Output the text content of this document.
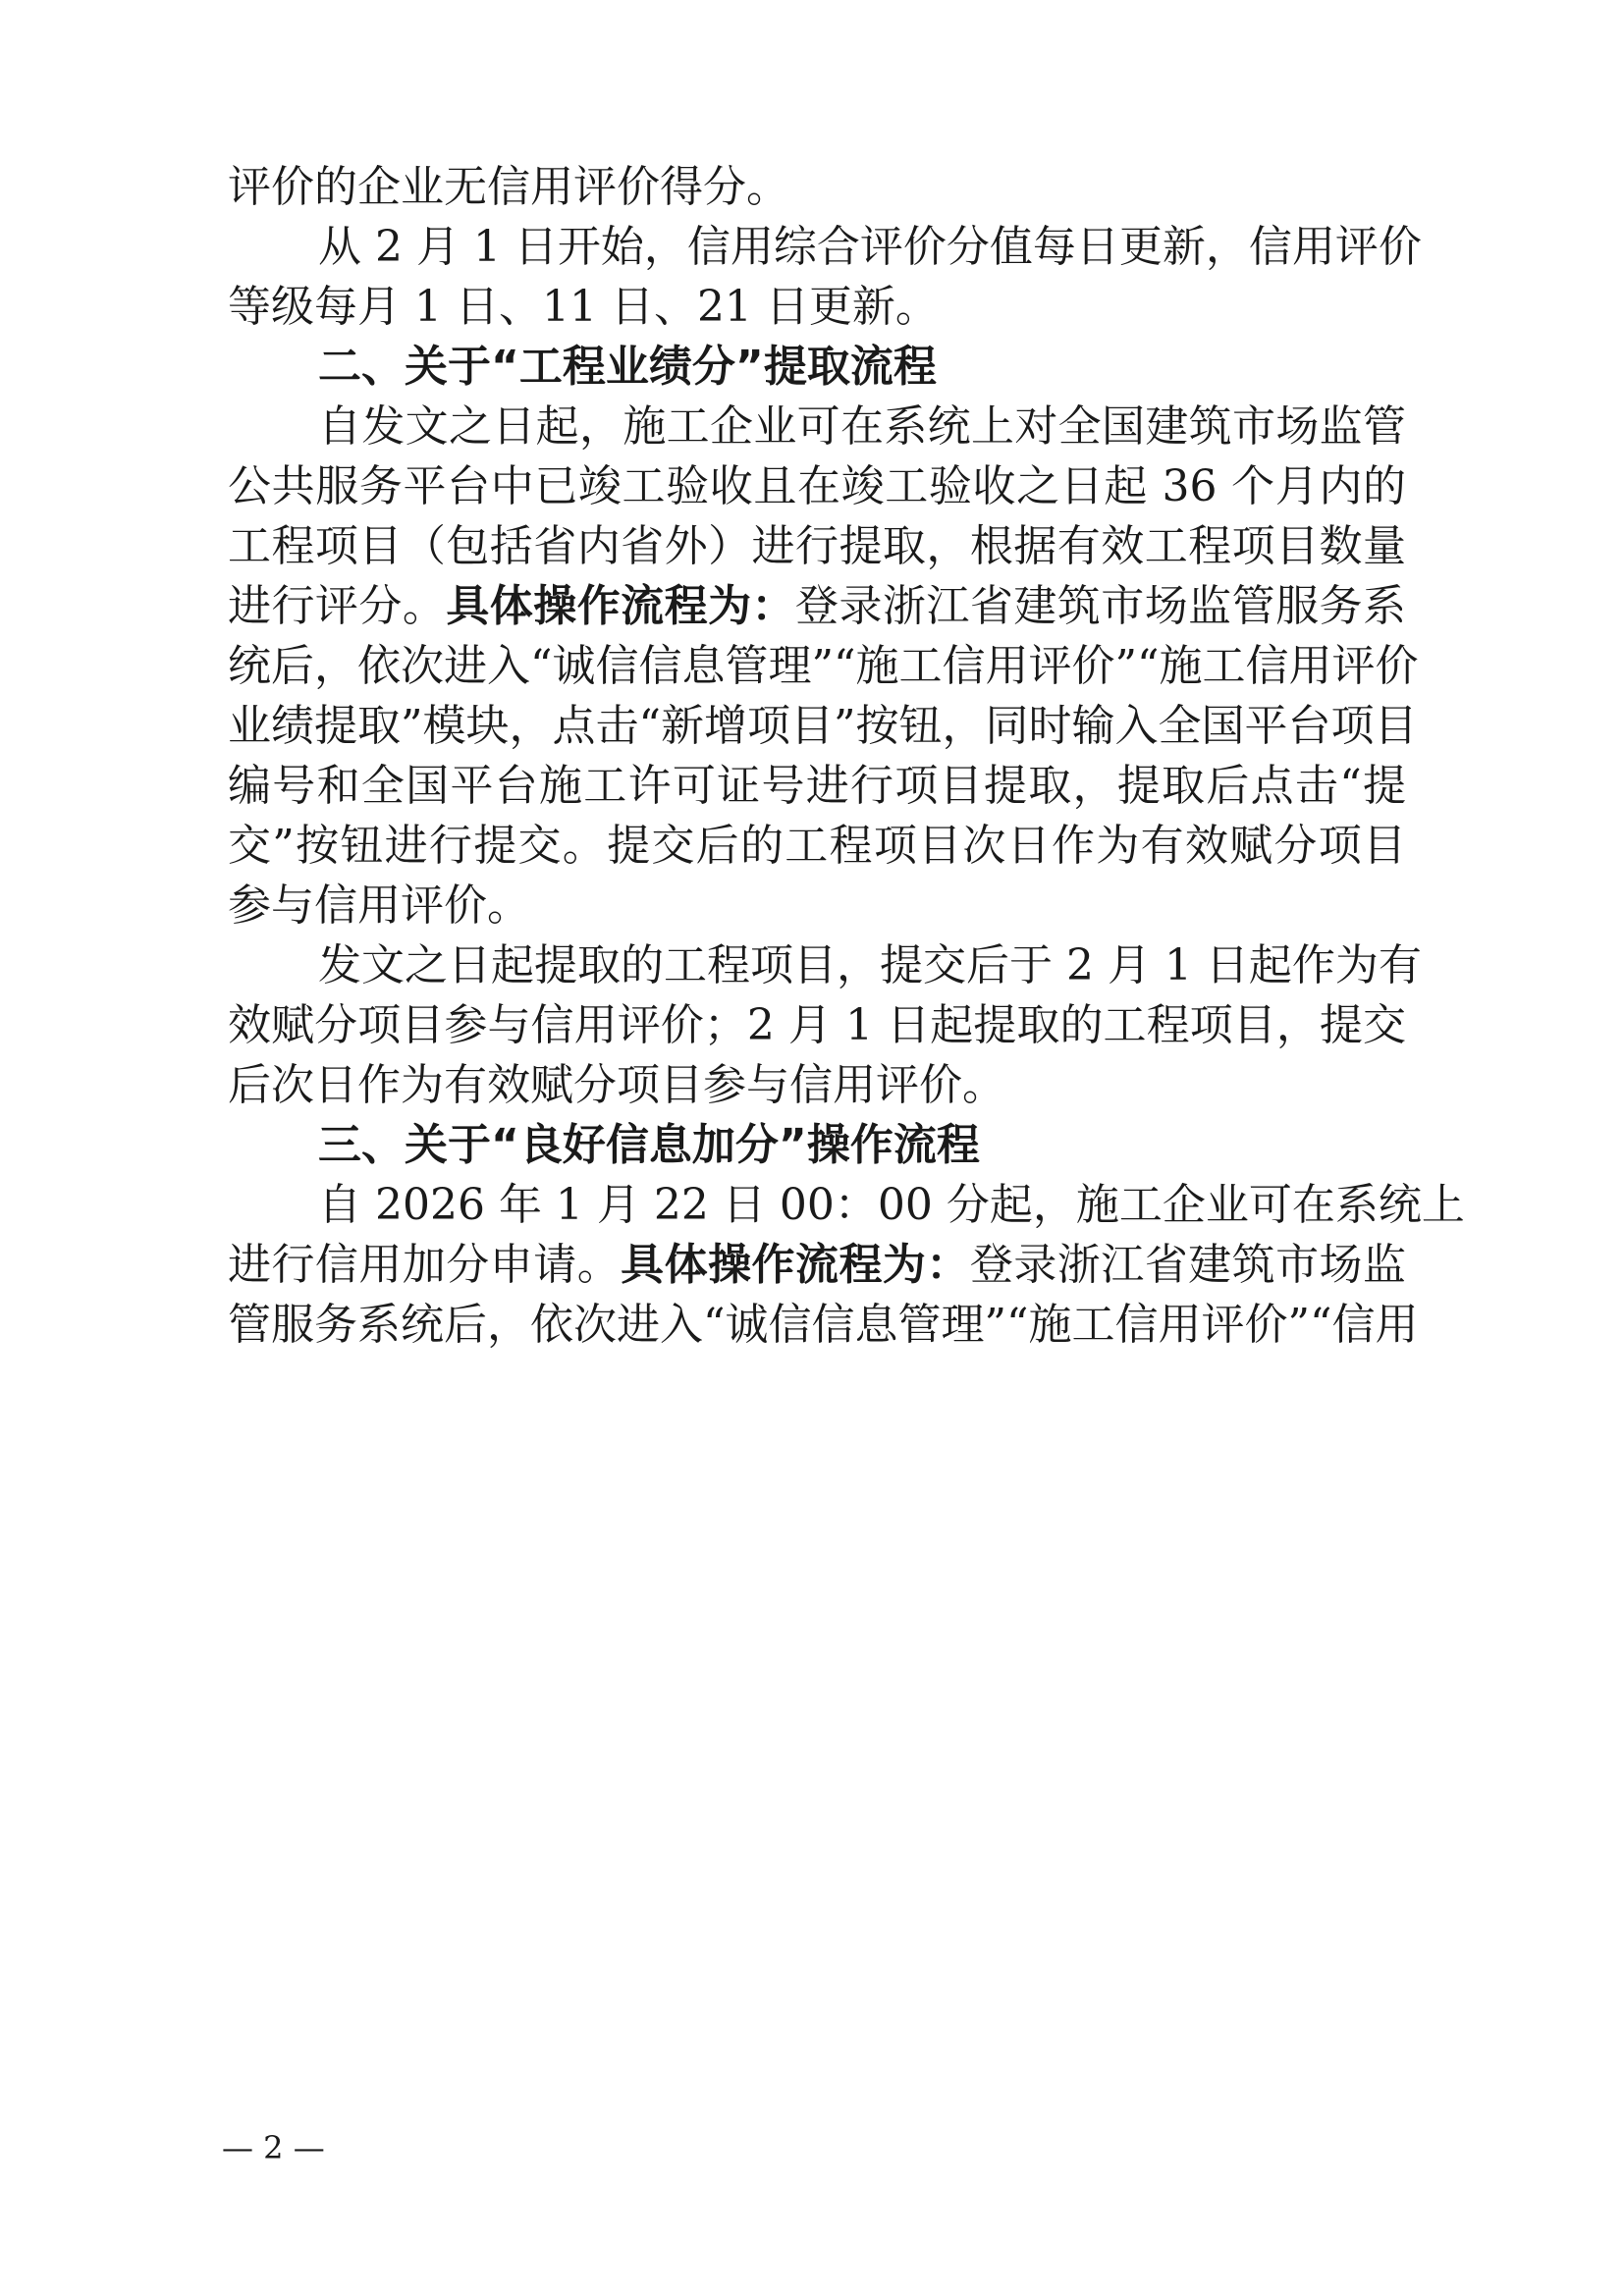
评价的企业无信用评价得分。
从 2 月 1 日开始，信用综合评价分值每日更新，信用评价
等级每月 1 日、11 日、21 日更新。
二、关于“工程业绩分”提取流程
自发文之日起，施工企业可在系统上对全国建筑市场监管
公共服务平台中已竣工验收且在竣工验收之日起 36 个月内的
工程项目（包括省内省外）进行提取，根据有效工程项目数量
进行评分。具体操作流程为：登录浙江省建筑市场监管服务系
统后，依次进入“诚信信息管理”“施工信用评价”“施工信用评价
业绩提取”模块，点击“新增项目”按钮，同时输入全国平台项目
编号和全国平台施工许可证号进行项目提取，提取后点击“提
交”按钮进行提交。提交后的工程项目次日作为有效赋分项目
参与信用评价。
发文之日起提取的工程项目，提交后于 2 月 1 日起作为有
效赋分项目参与信用评价；2 月 1 日起提取的工程项目，提交
后次日作为有效赋分项目参与信用评价。
三、关于“良好信息加分”操作流程
自 2026 年 1 月 22 日 00：00 分起，施工企业可在系统上
进行信用加分申请。具体操作流程为：登录浙江省建筑市场监
管服务系统后，依次进入“诚信信息管理”“施工信用评价”“信用
— 2 —
